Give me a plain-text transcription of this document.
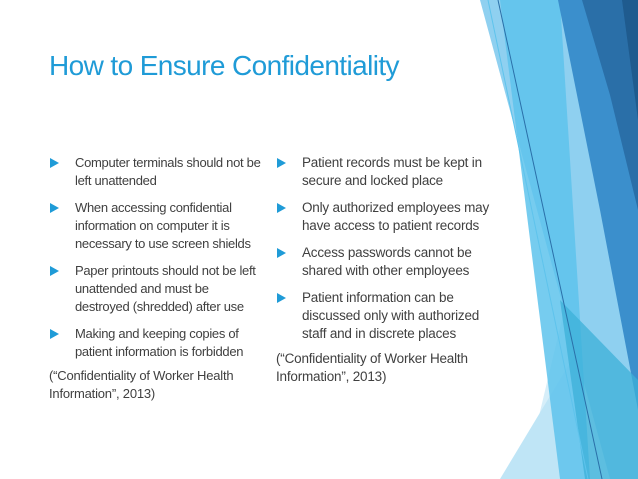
How to Ensure Confidentiality
Computer terminals should not be left unattended
When accessing confidential information on computer it is necessary to use screen shields
Paper printouts should not be left unattended and must be destroyed (shredded) after use
Making and keeping copies of patient information is forbidden
(“Confidentiality of Worker Health Information”, 2013)
Patient records must be kept in secure and locked place
Only authorized employees may have access to patient records
Access passwords cannot be shared with other employees
Patient information can be discussed only with authorized staff and in discrete places
(“Confidentiality of Worker Health Information”, 2013)
